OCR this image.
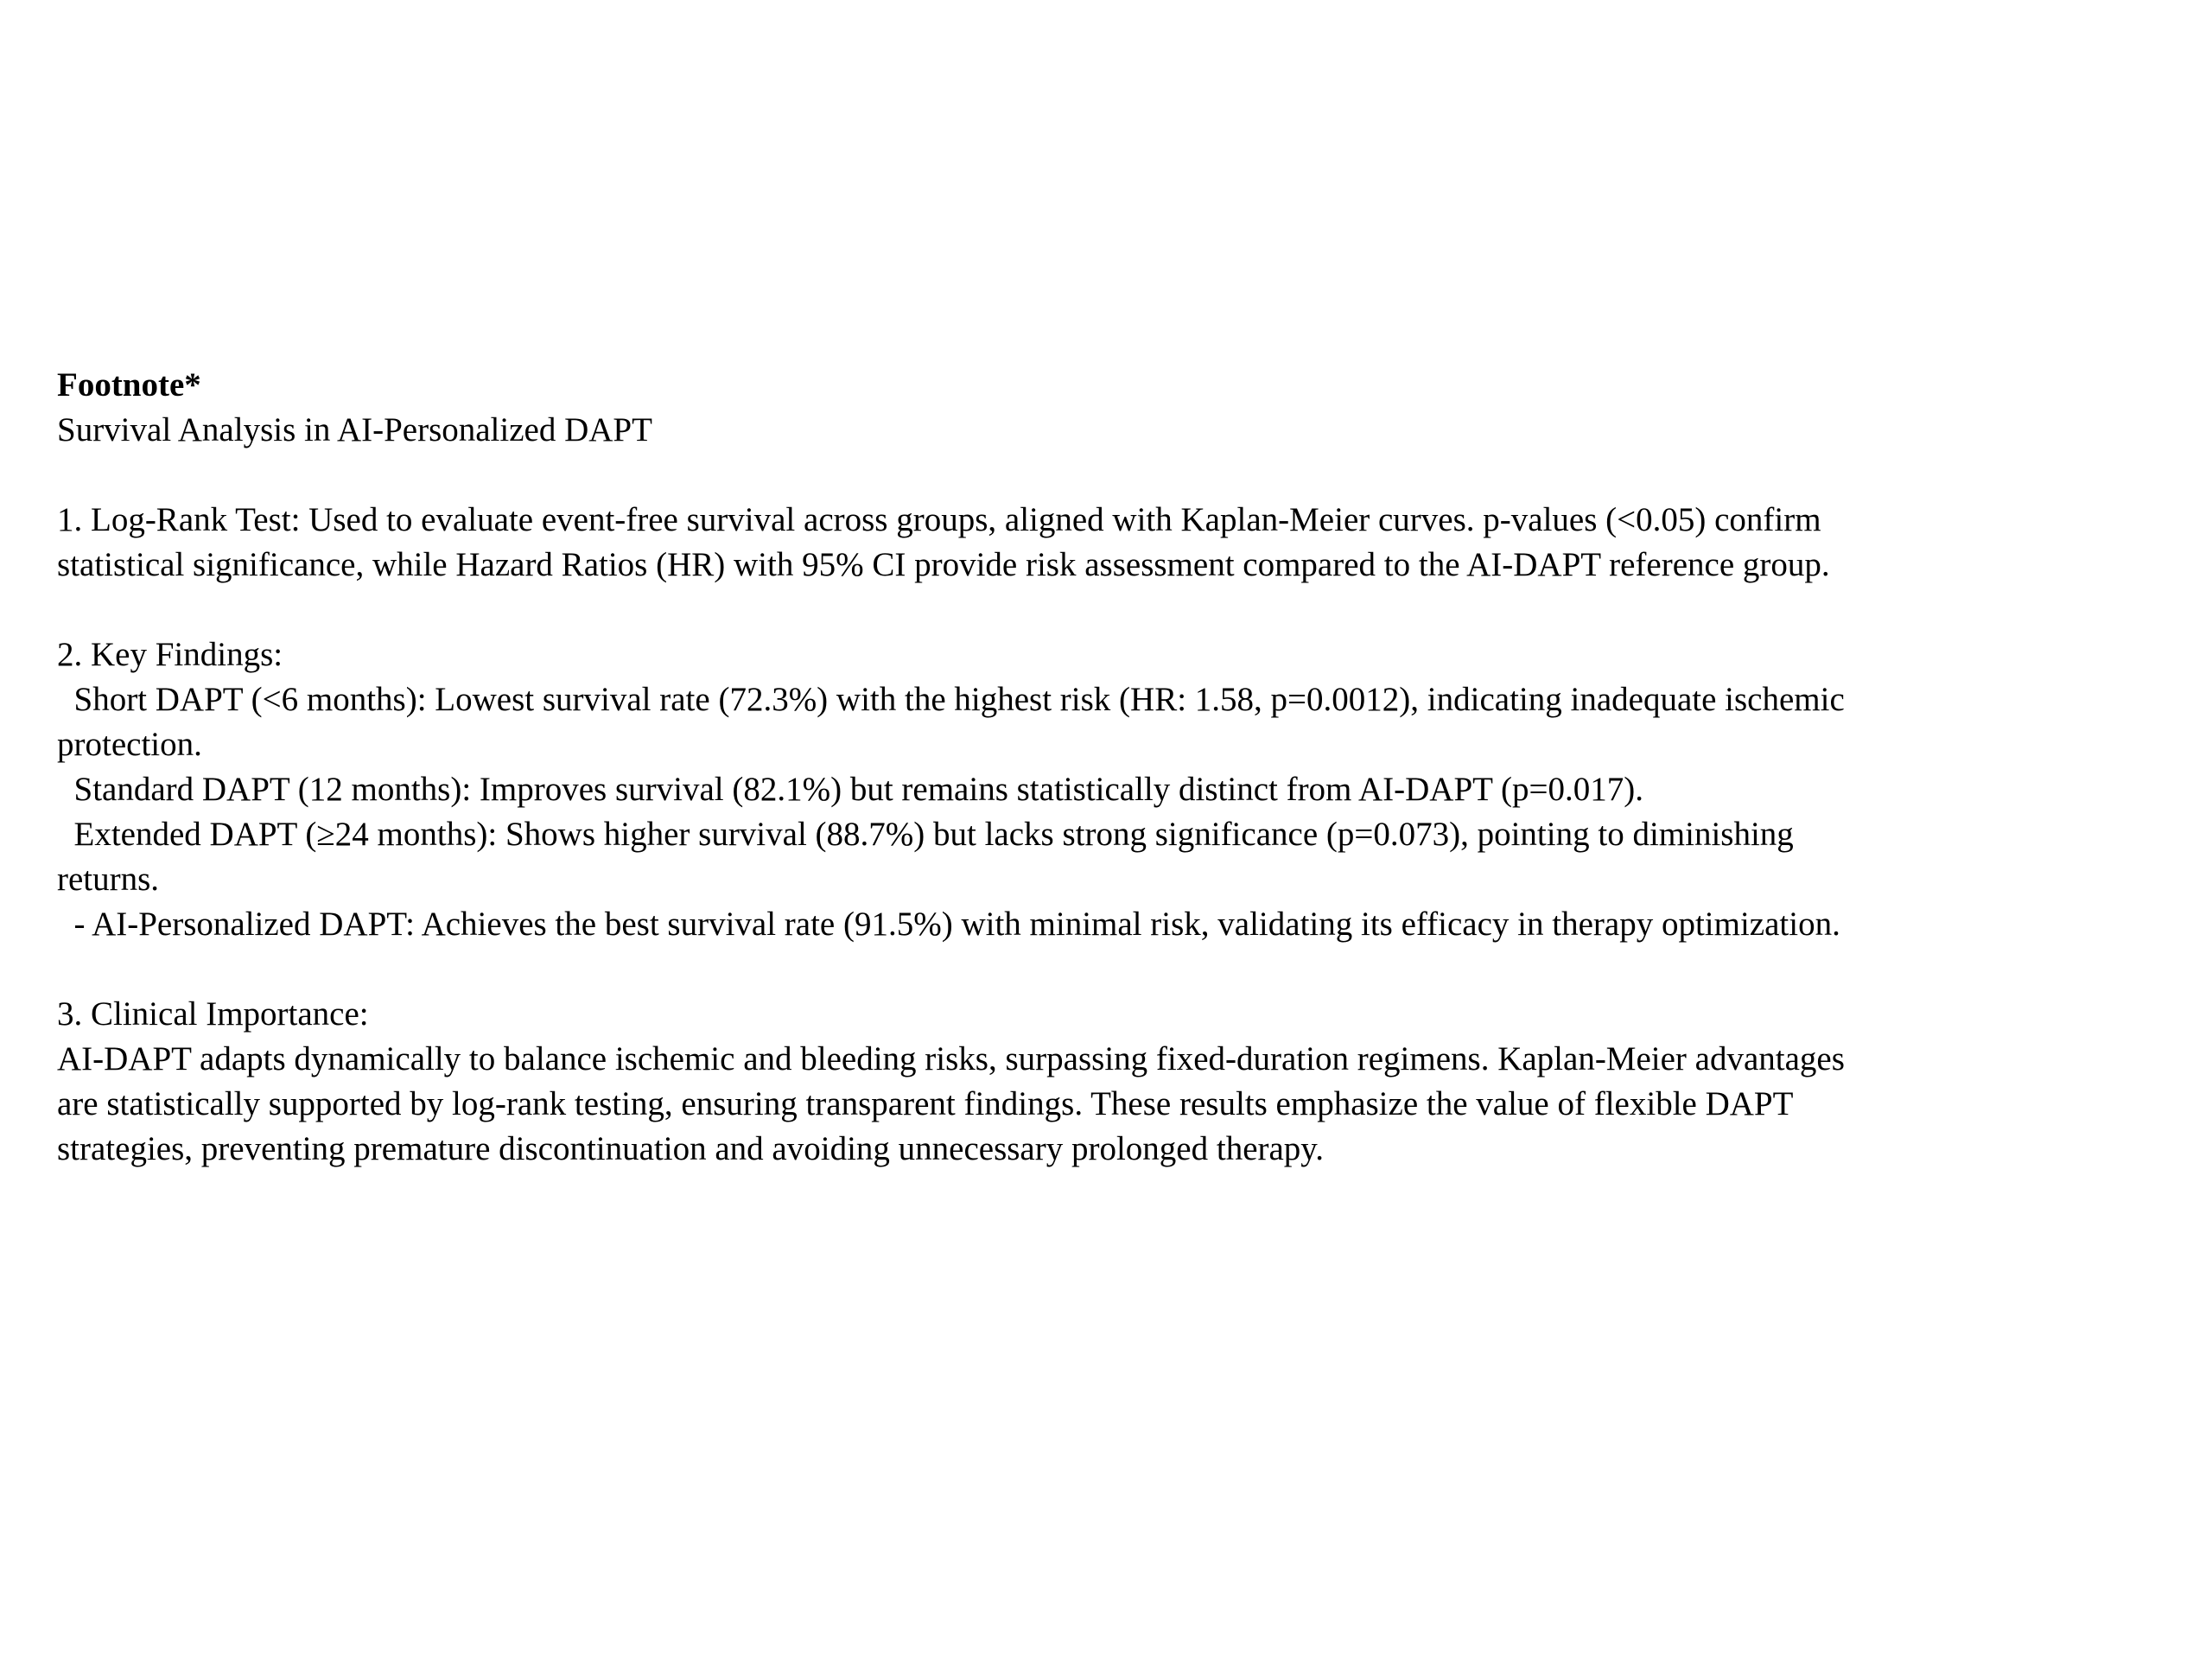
Footnote*
Survival Analysis in AI-Personalized DAPT
1. Log-Rank Test: Used to evaluate event-free survival across groups, aligned with Kaplan-Meier curves. p-values (<0.05) confirm
statistical significance, while Hazard Ratios (HR) with 95% CI provide risk assessment compared to the AI-DAPT reference group.
2. Key Findings:
Short DAPT (<6 months): Lowest survival rate (72.3%) with the highest risk (HR: 1.58, p=0.0012), indicating inadequate ischemic
protection.
Standard DAPT (12 months): Improves survival (82.1%) but remains statistically distinct from AI-DAPT (p=0.017).
Extended DAPT (≥24 months): Shows higher survival (88.7%) but lacks strong significance (p=0.073), pointing to diminishing
returns.
- AI-Personalized DAPT: Achieves the best survival rate (91.5%) with minimal risk, validating its efficacy in therapy optimization.
3. Clinical Importance:
AI-DAPT adapts dynamically to balance ischemic and bleeding risks, surpassing fixed-duration regimens. Kaplan-Meier advantages
are statistically supported by log-rank testing, ensuring transparent findings. These results emphasize the value of flexible DAPT
strategies, preventing premature discontinuation and avoiding unnecessary prolonged therapy.
